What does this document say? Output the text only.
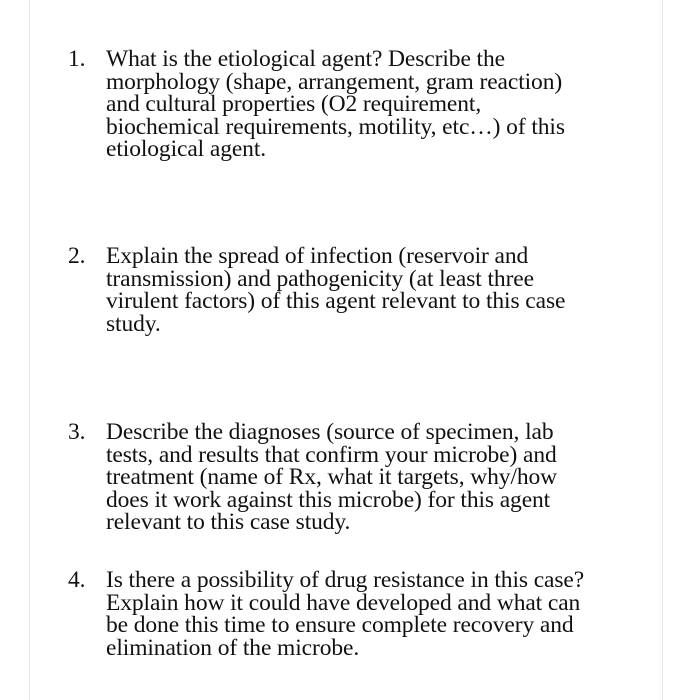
1. What is the etiological agent? Describe the
morphology (shape, arrangement, gram reaction)
and cultural properties (O2 requirement,
biochemical requirements, motility, etc…) of this
etiological agent.
2. Explain the spread of infection (reservoir and
transmission) and pathogenicity (at least three
virulent factors) of this agent relevant to this case
study.
3. Describe the diagnoses (source of specimen, lab
tests, and results that confirm your microbe) and
treatment (name of Rx, what it targets, why/how
does it work against this microbe) for this agent
relevant to this case study.
4. Is there a possibility of drug resistance in this case?
Explain how it could have developed and what can
be done this time to ensure complete recovery and
elimination of the microbe.
